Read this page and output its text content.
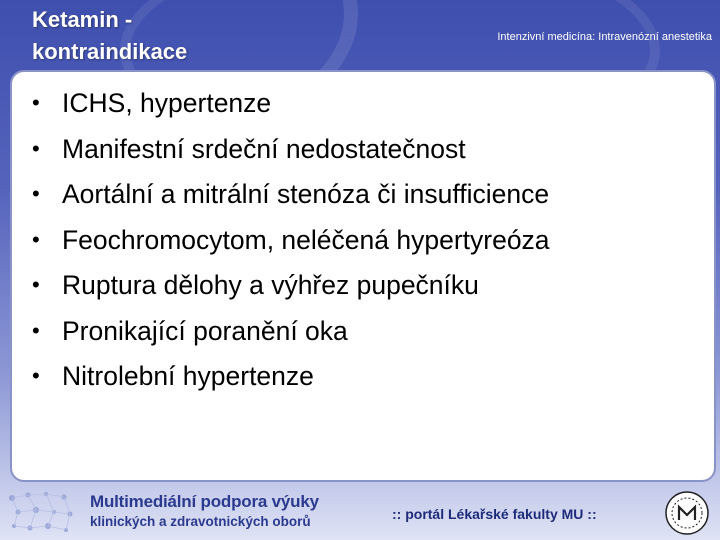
Ketamin - kontraindikace
Intenzivní medicína: Intravenózní anestetika
• ICHS, hypertenze
• Manifestní srdeční nedostatečnost
• Aortální a mitrální stenóza či insufficience
• Feochromocytom, neléčená hypertyreóza
• Ruptura dělohy a výhřez pupečníku
• Pronikající poranění oka
• Nitrolební hypertenze
Multimediální podpora výuky
klinických a zdravotnických oborů	:: portál Lékařské fakulty MU ::
